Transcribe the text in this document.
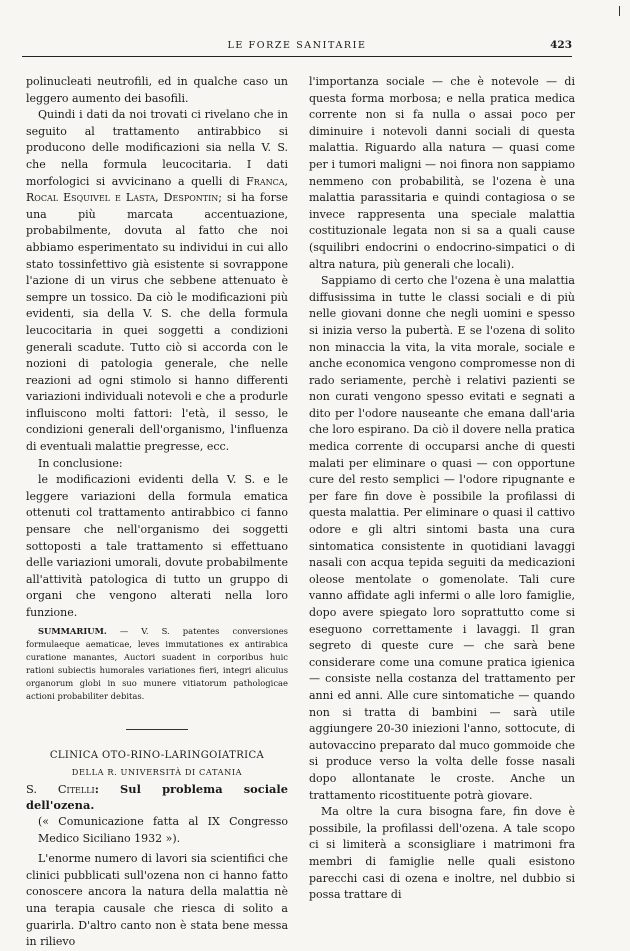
LE FORZE SANITARIE	423

polinucleati neutrofili, ed in qualche caso un leggero aumento dei basofili.

Quindi i dati da noi trovati ci rivelano che in seguito al trattamento antirabbico si producono delle modificazioni sia nella V. S. che nella formula leucocitaria. I dati morfologici si avvicinano a quelli di Franca, Rocal Esquivel e Lasta, Despontin; si ha forse una più marcata accentuazione, probabilmente, dovuta al fatto che noi abbiamo esperimentato su individui in cui allo stato tossinfettivo già esistente si sovrappone l'azione di un virus che sebbene attenuato è sempre un tossico. Da ciò le modificazioni più evidenti, sia della V. S. che della formula leucocitaria in quei soggetti a condizioni generali scadute. Tutto ciò si accorda con le nozioni di patologia generale, che nelle reazioni ad ogni stimolo si hanno differenti variazioni individuali notevoli e che a produrle influiscono molti fattori: l'età, il sesso, le condizioni generali dell'organismo, l'influenza di eventuali malattie pregresse, ecc.

In conclusione:

le modificazioni evidenti della V. S. e le leggere variazioni della formula ematica ottenuti col trattamento antirabbico ci fanno pensare che nell'organismo dei soggetti sottoposti a tale trattamento si effettuano delle variazioni umorali, dovute probabilmente all'attività patologica di tutto un gruppo di organi che vengono alterati nella loro funzione.

SUMMARIUM. — V. S. patentes conversiones formulaeque aematicae, leves immutationes ex antirabica curatione manantes, Auctori suadent in corporibus huic rationi subiectis humorales variationes fieri, integri alicuius organorum globi in suo munere vitiatorum pathologicae actioni probabiliter debitas.

CLINICA OTO-RINO-LARINGOIATRICA

DELLA R. UNIVERSITÀ DI CATANIA

S. Citelli: Sul problema sociale dell'ozena.

(« Comunicazione fatta al IX Congresso Medico Siciliano 1932 »).

L'enorme numero di lavori sia scientifici che clinici pubblicati sull'ozena non ci hanno fatto conoscere ancora la natura della malattia nè una terapia causale che riesca di solito a guarirla. D'altro canto non è stata bene messa in rilievo

l'importanza sociale — che è notevole — di questa forma morbosa; e nella pratica medica corrente non si fa nulla o assai poco per diminuire i notevoli danni sociali di questa malattia. Riguardo alla natura — quasi come per i tumori maligni — noi finora non sappiamo nemmeno con probabilità, se l'ozena è una malattia parassitaria e quindi contagiosa o se invece rappresenta una speciale malattia costituzionale legata non si sa a quali cause (squilibri endocrini o endocrino-simpatici o di altra natura, più generali che locali).

Sappiamo di certo che l'ozena è una malattia diffusissima in tutte le classi sociali e di più nelle giovani donne che negli uomini e spesso si inizia verso la pubertà. E se l'ozena di solito non minaccia la vita, la vita morale, sociale e anche economica vengono compromesse non di rado seriamente, perchè i relativi pazienti se non curati vengono spesso evitati e segnati a dito per l'odore nauseante che emana dall'aria che loro espirano. Da ciò il dovere nella pratica medica corrente di occuparsi anche di questi malati per eliminare o quasi — con opportune cure del resto semplici — l'odore ripugnante e per fare fin dove è possibile la profilassi di questa malattia. Per eliminare o quasi il cattivo odore e gli altri sintomi basta una cura sintomatica consistente in quotidiani lavaggi nasali con acqua tepida seguiti da medicazioni oleose mentolate o gomenolate. Tali cure vanno affidate agli infermi o alle loro famiglie, dopo avere spiegato loro soprattutto come si eseguono correttamente i lavaggi. Il gran segreto di queste cure — che sarà bene considerare come una comune pratica igienica — consiste nella costanza del trattamento per anni ed anni. Alle cure sintomatiche — quando non si tratta di bambini — sarà utile aggiungere 20-30 iniezioni l'anno, sottocute, di autovaccino preparato dal muco gommoide che si produce verso la volta delle fosse nasali dopo allontanate le croste. Anche un trattamento ricostituente potrà giovare.

Ma oltre la cura bisogna fare, fin dove è possibile, la profilassi dell'ozena. A tale scopo ci si limiterà a sconsigliare i matrimoni fra membri di famiglie nelle quali esistono parecchi casi di ozena e inoltre, nel dubbio si possa trattare di
